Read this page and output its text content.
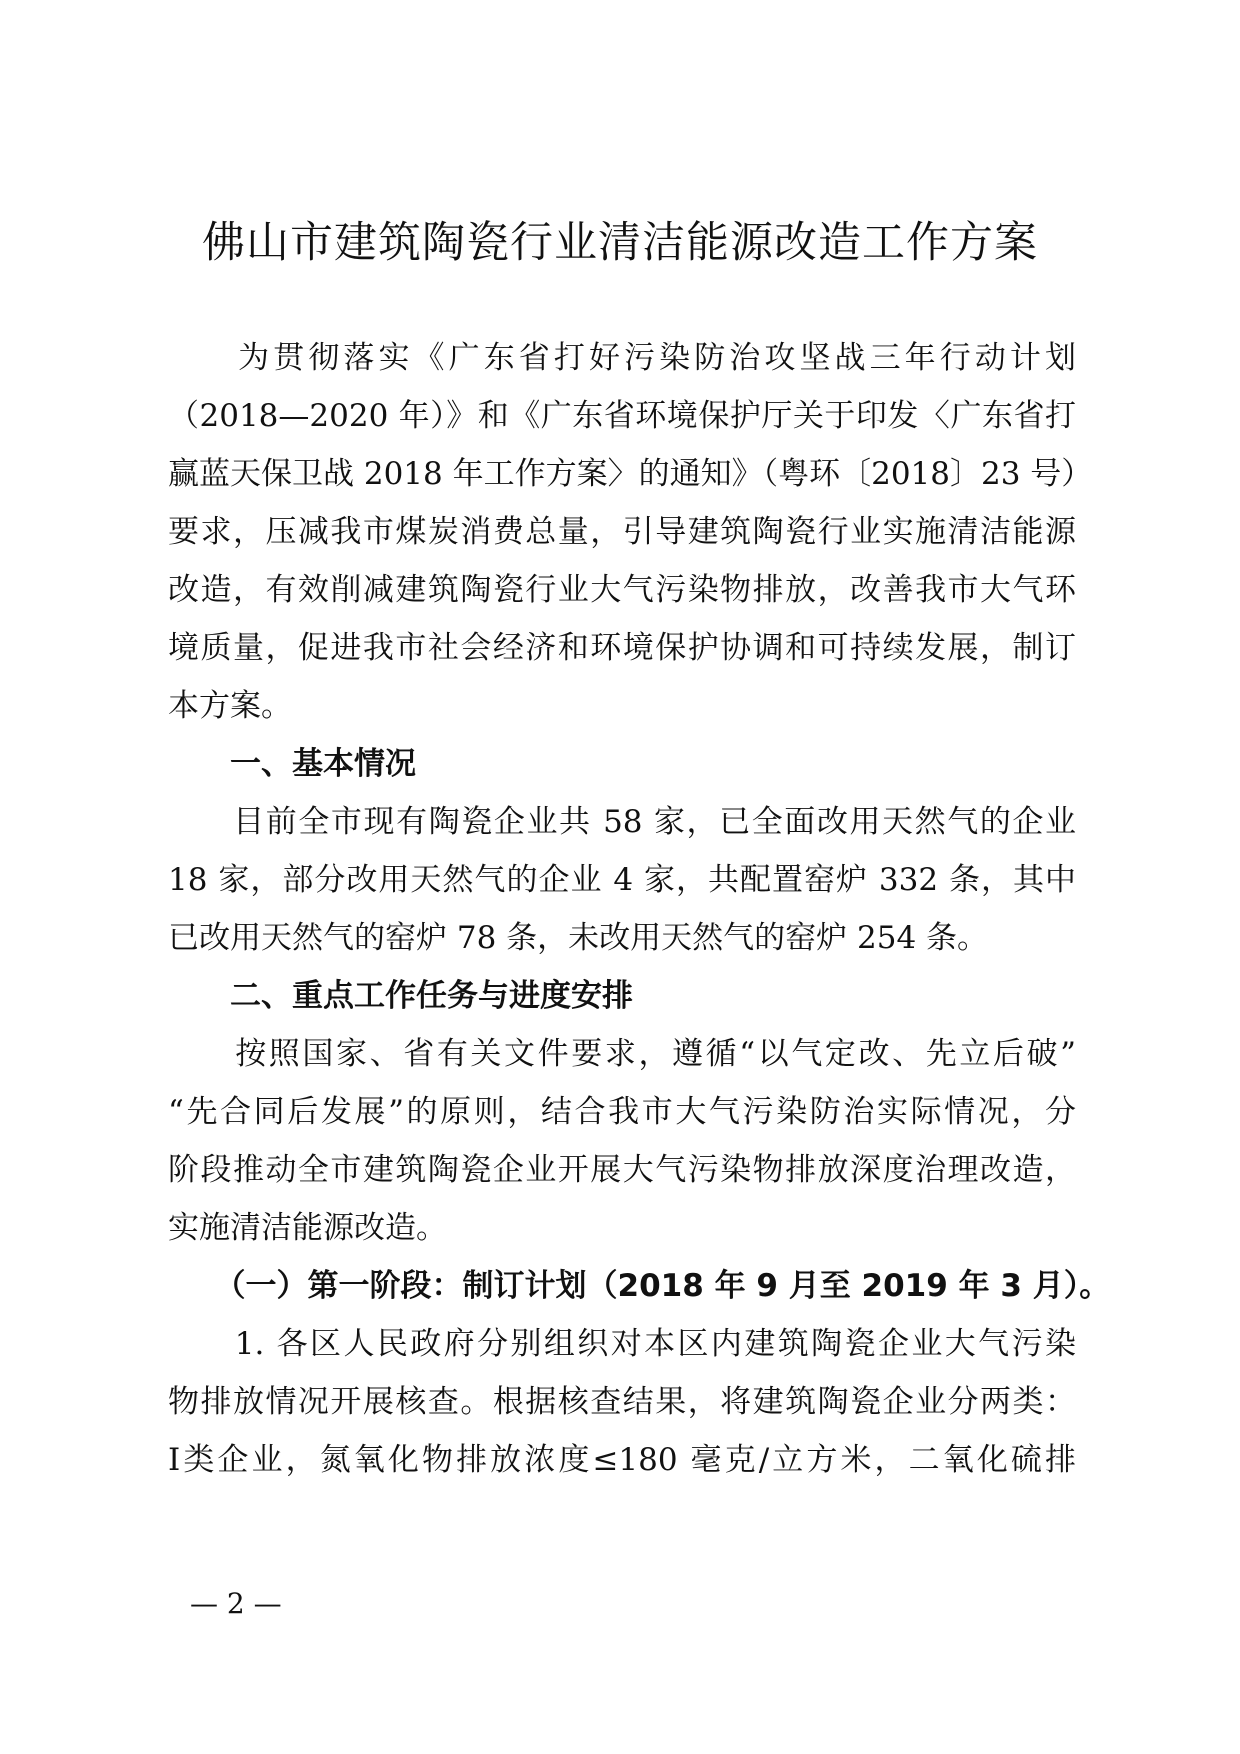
佛山市建筑陶瓷行业清洁能源改造工作方案
　　为贯彻落实《广东省打好污染防治攻坚战三年行动计划
（2018—2020 年）》和《广东省环境保护厅关于印发〈广东省打
赢蓝天保卫战 2018 年工作方案〉的通知》（粤环〔2018〕23 号）
要求，压减我市煤炭消费总量，引导建筑陶瓷行业实施清洁能源
改造，有效削减建筑陶瓷行业大气污染物排放，改善我市大气环
境质量，促进我市社会经济和环境保护协调和可持续发展，制订
本方案。
　　一、基本情况
　　目前全市现有陶瓷企业共 58 家，已全面改用天然气的企业
18 家，部分改用天然气的企业 4 家，共配置窑炉 332 条，其中
已改用天然气的窑炉 78 条，未改用天然气的窑炉 254 条。
　　二、重点工作任务与进度安排
　　按照国家、省有关文件要求，遵循“以气定改、先立后破”
“先合同后发展”的原则，结合我市大气污染防治实际情况，分
阶段推动全市建筑陶瓷企业开展大气污染物排放深度治理改造，
实施清洁能源改造。
　　（一）第一阶段：制订计划（2018 年 9 月至 2019 年 3 月）。
　　1. 各区人民政府分别组织对本区内建筑陶瓷企业大气污染
物排放情况开展核查。根据核查结果，将建筑陶瓷企业分两类：
Ⅰ类企业，氮氧化物排放浓度≤180 毫克/立方米，二氧化硫排
— 2 —
